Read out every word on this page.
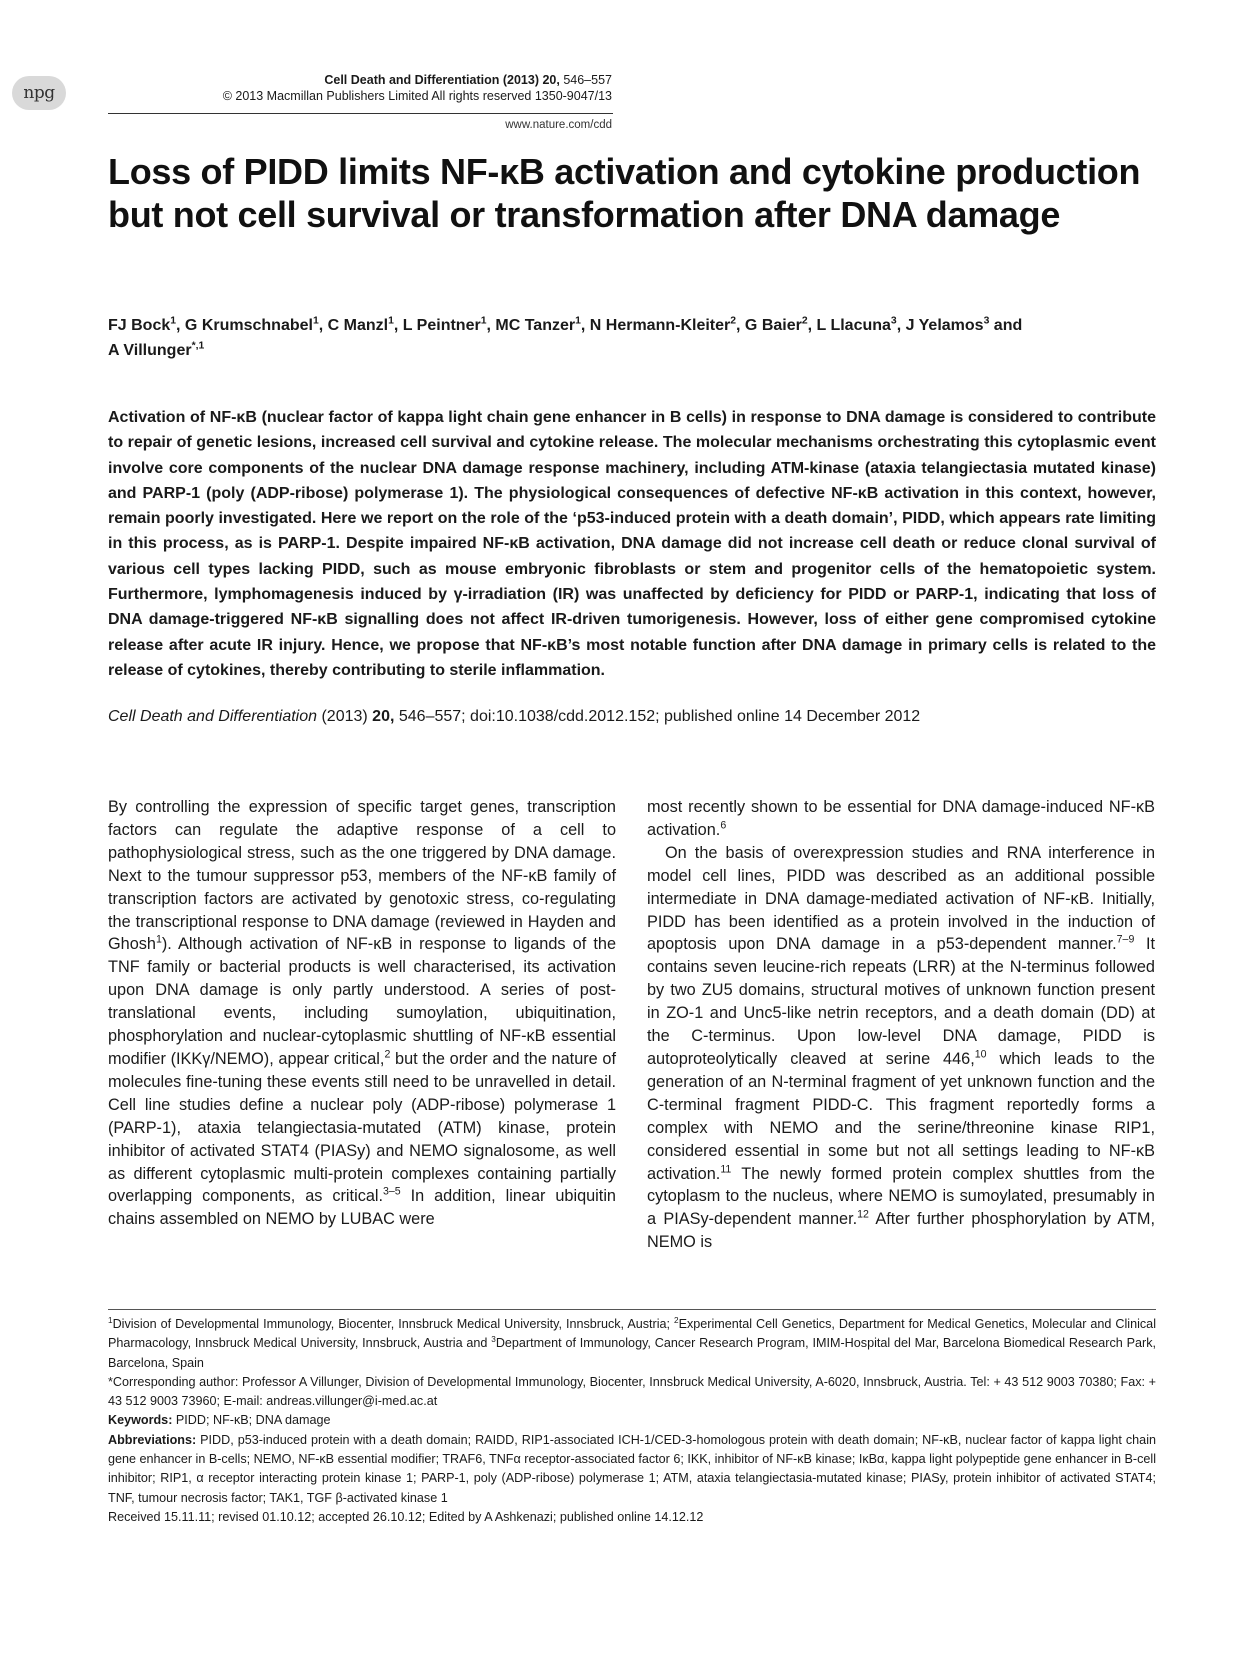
npg
Cell Death and Differentiation (2013) 20, 546–557
© 2013 Macmillan Publishers Limited All rights reserved 1350-9047/13
www.nature.com/cdd
Loss of PIDD limits NF-κB activation and cytokine production but not cell survival or transformation after DNA damage
FJ Bock$^1$, G Krumschnabel$^1$, C Manzl$^1$, L Peintner$^1$, MC Tanzer$^1$, N Hermann-Kleiter$^2$, G Baier$^2$, L Llacuna$^3$, J Yelamos$^3$ and
A Villunger$^{*,1}$
Activation of NF-κB (nuclear factor of kappa light chain gene enhancer in B cells) in response to DNA damage is considered to contribute to repair of genetic lesions, increased cell survival and cytokine release. The molecular mechanisms orchestrating this cytoplasmic event involve core components of the nuclear DNA damage response machinery, including ATM-kinase (ataxia telangiectasia mutated kinase) and PARP-1 (poly (ADP-ribose) polymerase 1). The physiological consequences of defective NF-κB activation in this context, however, remain poorly investigated. Here we report on the role of the ‘p53-induced protein with a death domain’, PIDD, which appears rate limiting in this process, as is PARP-1. Despite impaired NF-κB activation, DNA damage did not increase cell death or reduce clonal survival of various cell types lacking PIDD, such as mouse embryonic fibroblasts or stem and progenitor cells of the hematopoietic system. Furthermore, lymphomagenesis induced by γ-irradiation (IR) was unaffected by deficiency for PIDD or PARP-1, indicating that loss of DNA damage-triggered NF-κB signalling does not affect IR-driven tumorigenesis. However, loss of either gene compromised cytokine release after acute IR injury. Hence, we propose that NF-κB’s most notable function after DNA damage in primary cells is related to the release of cytokines, thereby contributing to sterile inflammation.
Cell Death and Differentiation (2013) 20, 546–557; doi:10.1038/cdd.2012.152; published online 14 December 2012

By controlling the expression of specific target genes, transcription factors can regulate the adaptive response of a cell to pathophysiological stress, such as the one triggered by DNA damage. Next to the tumour suppressor p53, members of the NF-κB family of transcription factors are activated by genotoxic stress, co-regulating the transcriptional response to DNA damage (reviewed in Hayden and Ghosh$^1$). Although activation of NF-κB in response to ligands of the TNF family or bacterial products is well characterised, its activation upon DNA damage is only partly understood. A series of post-translational events, including sumoylation, ubiquitination, phosphorylation and nuclear-cytoplasmic shuttling of NF-κB essential modifier (IKKγ/NEMO), appear critical,$^2$ but the order and the nature of molecules fine-tuning these events still need to be unravelled in detail. Cell line studies define a nuclear poly (ADP-ribose) polymerase 1 (PARP-1), ataxia telangiectasia-mutated (ATM) kinase, protein inhibitor of activated STAT4 (PIASy) and NEMO signalosome, as well as different cytoplasmic multi-protein complexes containing partially overlapping components, as critical.$^{3-5}$ In addition, linear ubiquitin chains assembled on NEMO by LUBAC were

most recently shown to be essential for DNA damage-induced NF-κB activation.$^6$

On the basis of overexpression studies and RNA interference in model cell lines, PIDD was described as an additional possible intermediate in DNA damage-mediated activation of NF-κB. Initially, PIDD has been identified as a protein involved in the induction of apoptosis upon DNA damage in a p53-dependent manner.$^{7-9}$ It contains seven leucine-rich repeats (LRR) at the N-terminus followed by two ZU5 domains, structural motives of unknown function present in ZO-1 and Unc5-like netrin receptors, and a death domain (DD) at the C-terminus. Upon low-level DNA damage, PIDD is autoproteolytically cleaved at serine 446,10 which leads to the generation of an N-terminal fragment of yet unknown function and the C-terminal fragment PIDD-C. This fragment reportedly forms a complex with NEMO and the serine/threonine kinase RIP1, considered essential in some but not all settings leading to NF-κB activation.$^{11}$ The newly formed protein complex shuttles from the cytoplasm to the nucleus, where NEMO is sumoylated, presumably in a PIASy-dependent manner.$^{12}$ After further phosphorylation by ATM, NEMO is

$^1$Division of Developmental Immunology, Biocenter, Innsbruck Medical University, Innsbruck, Austria; $^2$Experimental Cell Genetics, Department for Medical Genetics, Molecular and Clinical Pharmacology, Innsbruck Medical University, Innsbruck, Austria and $^3$Department of Immunology, Cancer Research Program, IMIM-Hospital del Mar, Barcelona Biomedical Research Park, Barcelona, Spain

*Corresponding author: Professor A Villunger, Division of Developmental Immunology, Biocenter, Innsbruck Medical University, A-6020, Innsbruck, Austria. Tel: + 43 512 9003 70380; Fax: + 43 512 9003 73960; E-mail: andreas.villunger@i-med.ac.at

Keywords: PIDD; NF-κB; DNA damage

Abbreviations: PIDD, p53-induced protein with a death domain; RAIDD, RIP1-associated ICH-1/CED-3-homologous protein with death domain; NF-κB, nuclear factor of kappa light chain gene enhancer in B-cells; NEMO, NF-κB essential modifier; TRAF6, TNFα receptor-associated factor 6; IKK, inhibitor of NF-κB kinase; IκBα, kappa light polypeptide gene enhancer in B-cell inhibitor; RIP1, α receptor interacting protein kinase 1; PARP-1, poly (ADP-ribose) polymerase 1; ATM, ataxia telangiectasia-mutated kinase; PIASy, protein inhibitor of activated STAT4; TNF, tumour necrosis factor; TAK1, TGF β-activated kinase 1

Received 15.11.11; revised 01.10.12; accepted 26.10.12; Edited by A Ashkenazi; published online 14.12.12
